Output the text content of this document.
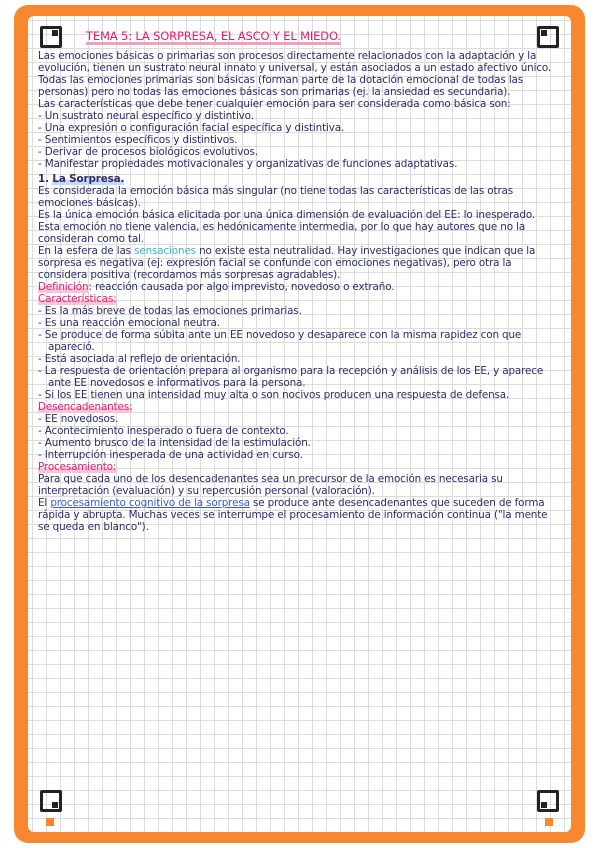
TEMA 5: LA SORPRESA, EL ASCO Y EL MIEDO.

Las emociones básicas o primarias son procesos directamente relacionados con la adaptación y la evolución, tienen un sustrato neural innato y universal, y están asociados a un estado afectivo único.

Todas las emociones primarias son básicas (forman parte de la dotación emocional de todas las personas) pero no todas las emociones básicas son primarias (ej. la ansiedad es secundaria).

Las características que debe tener cualquier emoción para ser considerada como básica son:

- Un sustrato neural específico y distintivo.
- Una expresión o configuración facial específica y distintiva.
- Sentimientos específicos y distintivos.
- Derivar de procesos biológicos evolutivos.
- Manifestar propiedades motivacionales y organizativas de funciones adaptativas.
1. La Sorpresa.

Es considerada la emoción básica más singular (no tiene todas las características de las otras emociones básicas).

Es la única emoción básica elicitada por una única dimensión de evaluación del EE: lo inesperado.

Esta emoción no tiene valencia, es hedónicamente intermedia, por lo que hay autores que no la consideran como tal.

En la esfera de las sensaciones no existe esta neutralidad. Hay investigaciones que indican que la sorpresa es negativa (ej: expresión facial se confunde con emociones negativas), pero otra la considera positiva (recordamos más sorpresas agradables).

Definición: reacción causada por algo imprevisto, novedoso o extraño.

Características:

- Es la más breve de todas las emociones primarias.
- Es una reacción emocional neutra.
- Se produce de forma súbita ante un EE novedoso y desaparece con la misma rapidez con que apareció.
- Está asociada al reflejo de orientación.
- La respuesta de orientación prepara al organismo para la recepción y análisis de los EE, y aparece ante EE novedosos e informativos para la persona.
- Si los EE tienen una intensidad muy alta o son nocivos producen una respuesta de defensa.

Desencadenantes:

- EE novedosos.
- Acontecimiento inesperado o fuera de contexto.
- Aumento brusco de la intensidad de la estimulación.
- Interrupción inesperada de una actividad en curso.

Procesamiento:

Para que cada uno de los desencadenantes sea un precursor de la emoción es necesaria su interpretación (evaluación) y su repercusión personal (valoración).

El procesamiento cognitivo de la sorpresa se produce ante desencadenantes que suceden de forma rápida y abrupta. Muchas veces se interrumpe el procesamiento de información continua ("la mente se queda en blanco").
